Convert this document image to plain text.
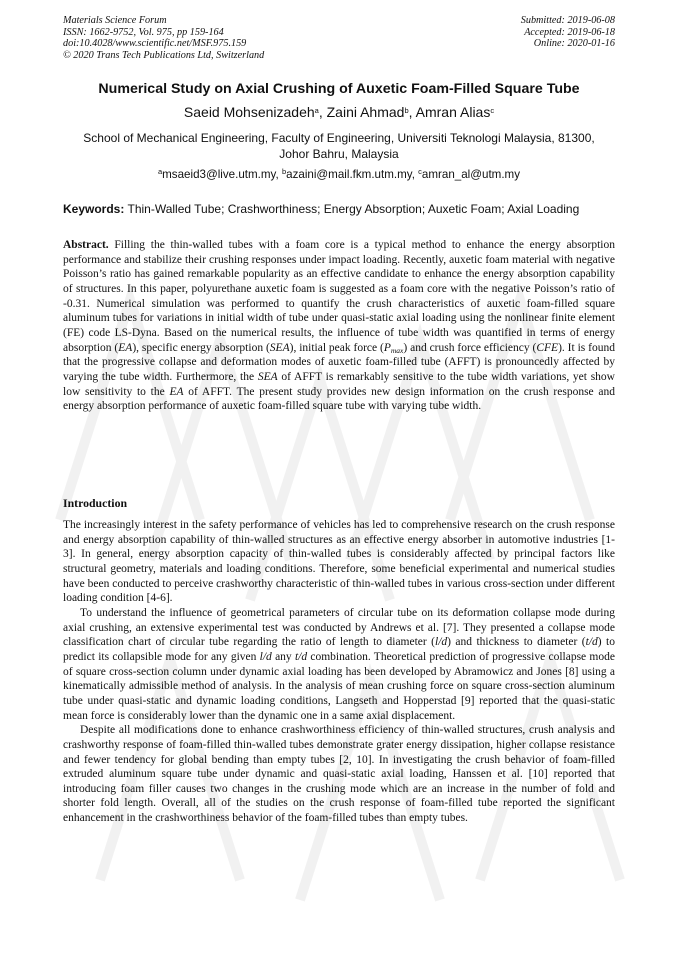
Materials Science Forum
ISSN: 1662-9752, Vol. 975, pp 159-164
doi:10.4028/www.scientific.net/MSF.975.159
© 2020 Trans Tech Publications Ltd, Switzerland
Submitted: 2019-06-08
Accepted: 2019-06-18
Online: 2020-01-16
Numerical Study on Axial Crushing of Auxetic Foam-Filled Square Tube
Saeid Mohsenizadeh$^a$, Zaini Ahmad$^b$, Amran Alias$^c$
School of Mechanical Engineering, Faculty of Engineering, Universiti Teknologi Malaysia, 81300,
Johor Bahru, Malaysia
$^a$msaeid3@live.utm.my, $^b$azaini@mail.fkm.utm.my, $^c$amran_al@utm.my
Keywords: Thin-Walled Tube; Crashworthiness; Energy Absorption; Auxetic Foam; Axial Loading
Abstract. Filling the thin-walled tubes with a foam core is a typical method to enhance the energy absorption performance and stabilize their crushing responses under impact loading. Recently, auxetic foam material with negative Poisson’s ratio has gained remarkable popularity as an effective candidate to enhance the energy absorption capability of structures. In this paper, polyurethane auxetic foam is suggested as a foam core with the negative Poisson’s ratio of -0.31. Numerical simulation was performed to quantify the crush characteristics of auxetic foam-filled square aluminum tubes for variations in initial width of tube under quasi-static axial loading using the nonlinear finite element (FE) code LS-Dyna. Based on the numerical results, the influence of tube width was quantified in terms of energy absorption (EA), specific energy absorption (SEA), initial peak force $(P_{max})$ and crush force efficiency (CFE). It is found that the progressive collapse and deformation modes of auxetic foam-filled tube (AFFT) is pronouncedly affected by varying the tube width. Furthermore, the SEA of AFFT is remarkably sensitive to the tube width variations, yet show low sensitivity to the EA of AFFT. The present study provides new design information on the crush response and energy absorption performance of auxetic foam-filled square tube with varying tube width.
Introduction

The increasingly interest in the safety performance of vehicles has led to comprehensive research on the crush response and energy absorption capability of thin-walled structures as an effective energy absorber in automotive industries [1-3]. In general, energy absorption capacity of thin-walled tubes is considerably affected by principal factors like structural geometry, materials and loading conditions. Therefore, some beneficial experimental and numerical studies have been conducted to perceive crashworthy characteristic of thin-walled tubes in various cross-section under different loading condition [4-6].

To understand the influence of geometrical parameters of circular tube on its deformation collapse mode during axial crushing, an extensive experimental test was conducted by Andrews et al. [7]. They presented a collapse mode classification chart of circular tube regarding the ratio of length to diameter (l/d) and thickness to diameter (t/d) to predict its collapsible mode for any given l/d any t/d combination. Theoretical prediction of progressive collapse mode of square cross-section column under dynamic axial loading has been developed by Abramowicz and Jones [8] using a kinematically admissible method of analysis. In the analysis of mean crushing force on square cross-section aluminum tube under quasi-static and dynamic loading conditions, Langseth and Hopperstad [9] reported that the quasi-static mean force is considerably lower than the dynamic one in a same axial displacement.

Despite all modifications done to enhance crashworthiness efficiency of thin-walled structures, crush analysis and crashworthy response of foam-filled thin-walled tubes demonstrate grater energy dissipation, higher collapse resistance and fewer tendency for global bending than empty tubes [2, 10]. In investigating the crush behavior of foam-filled extruded aluminum square tube under dynamic and quasi-static axial loading, Hanssen et al. [10] reported that introducing foam filler causes two changes in the crushing mode which are an increase in the number of fold and shorter fold length. Overall, all of the studies on the crush response of foam-filled tube reported the significant enhancement in the crashworthiness behavior of the foam-filled tubes than empty tubes.
